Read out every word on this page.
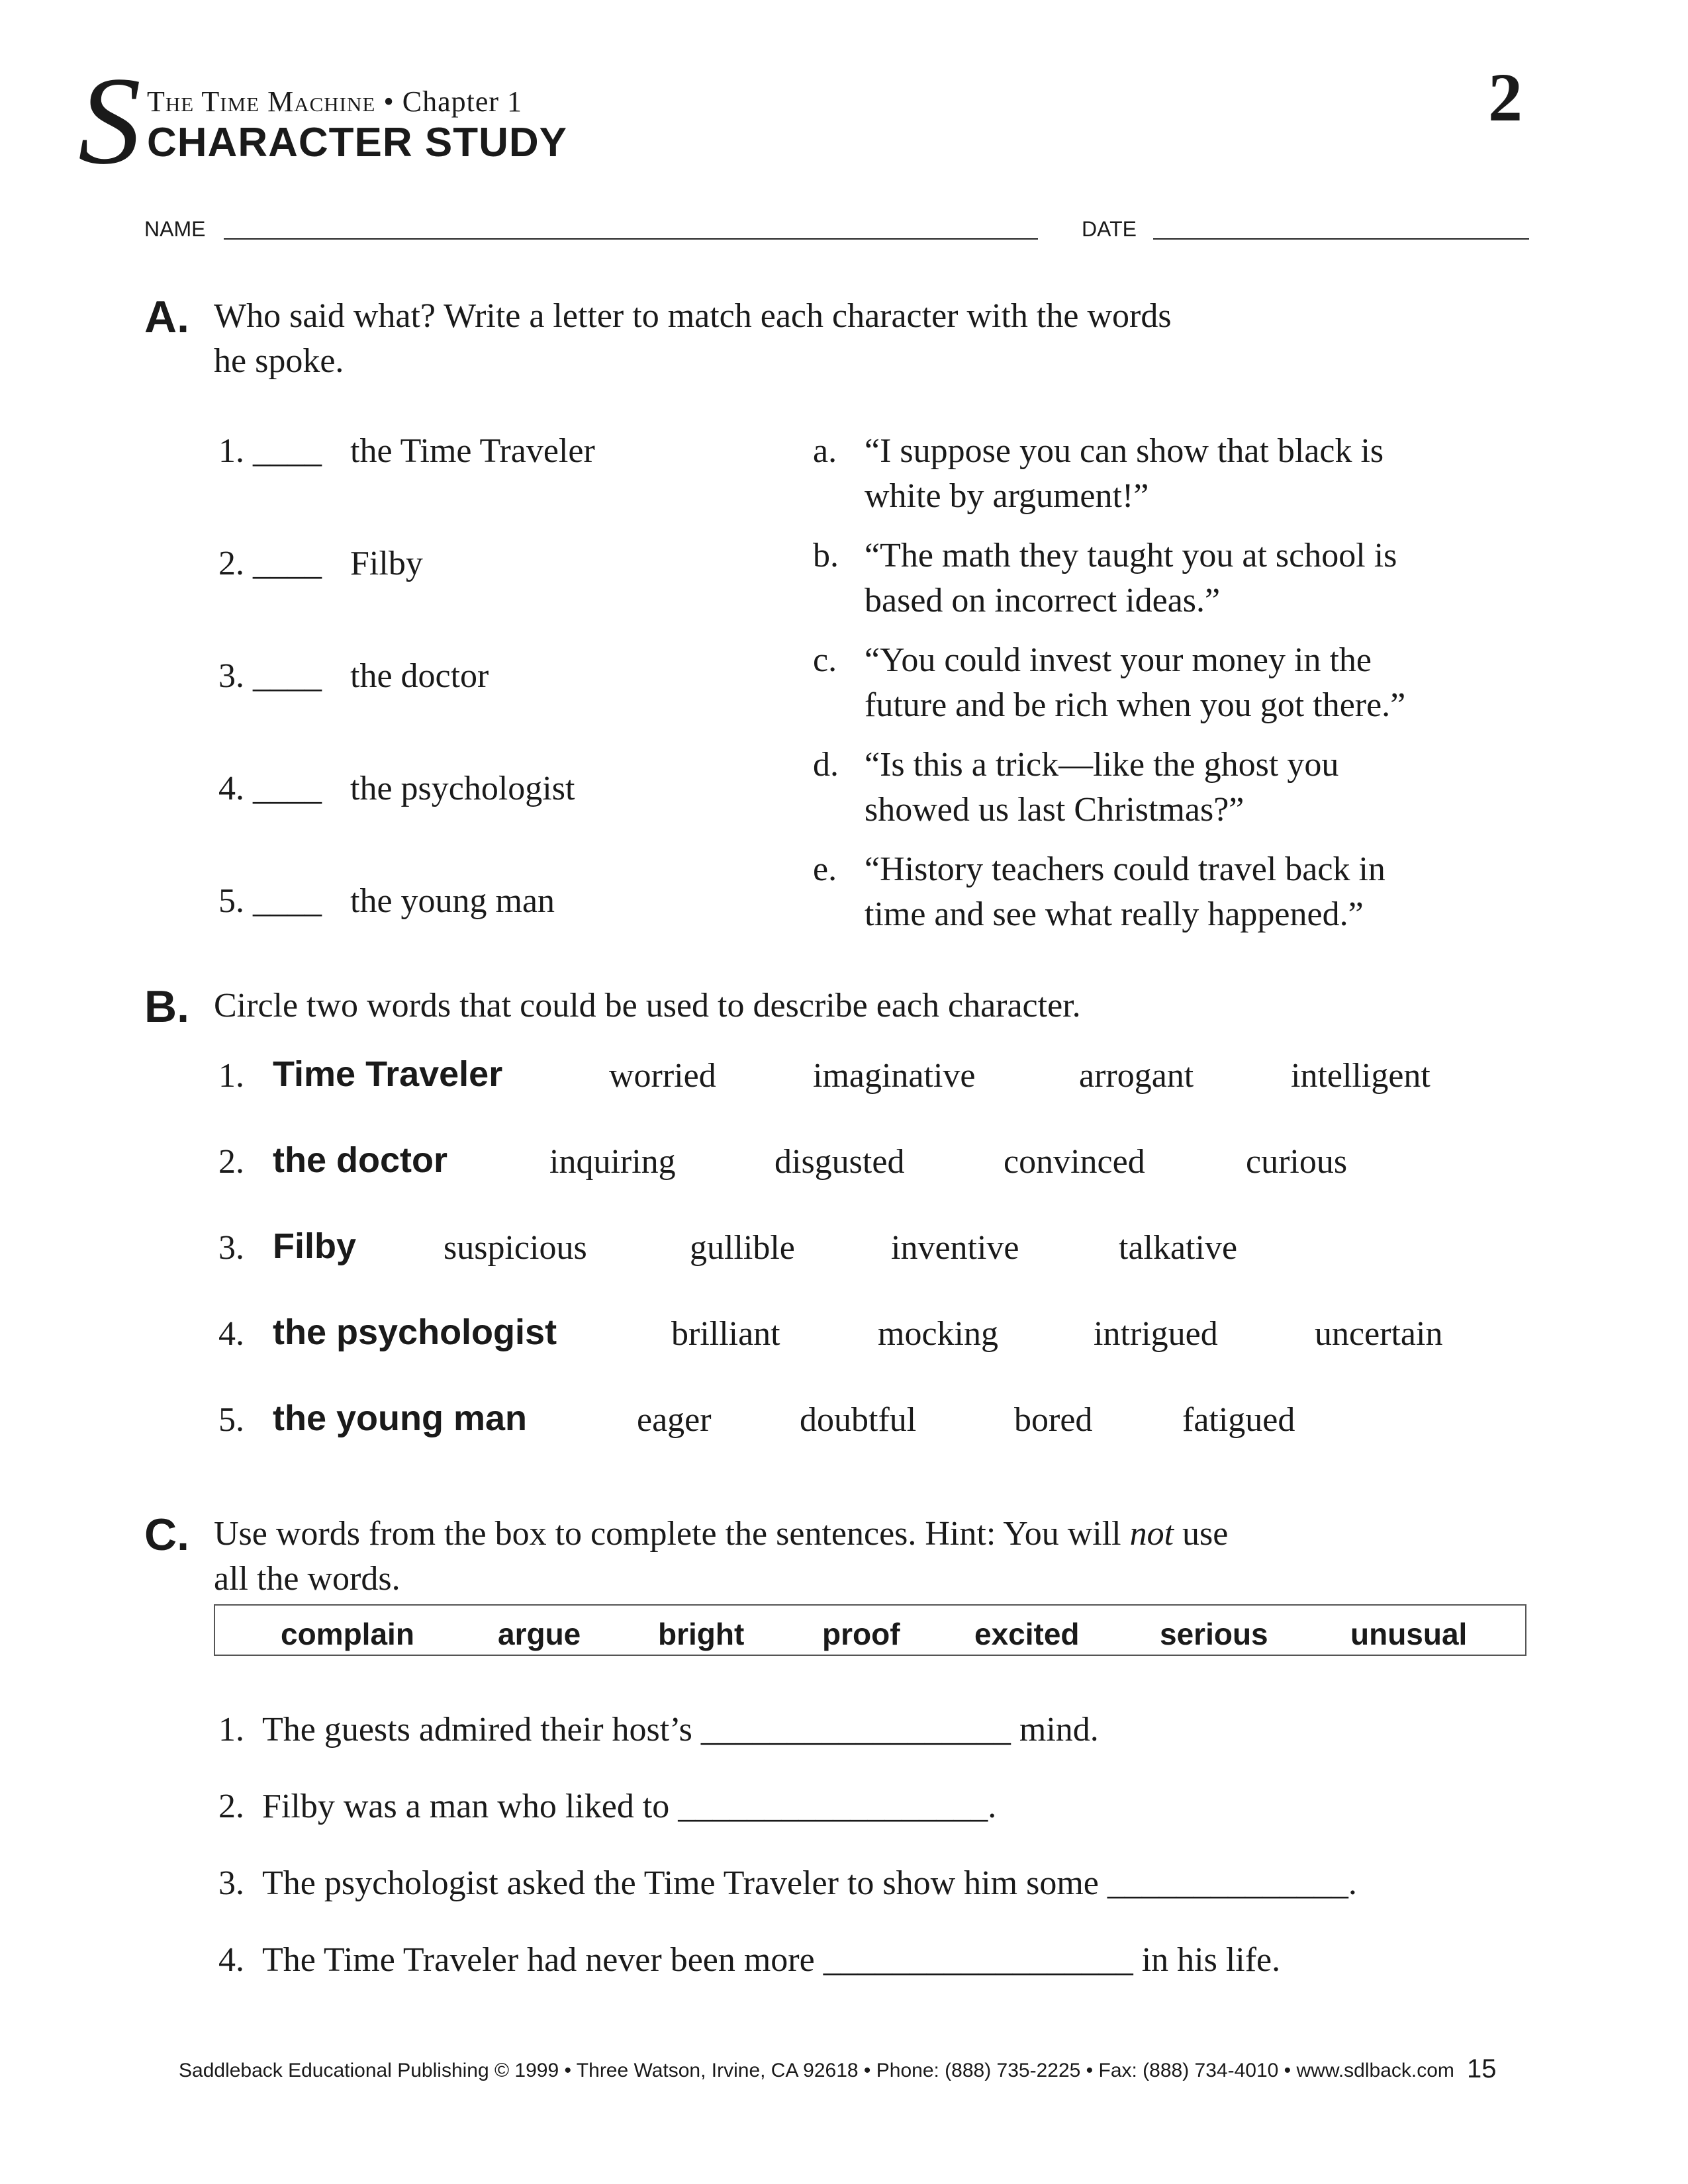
S The Time Machine • Chapter 1
CHARACTER STUDY
2
NAME	DATE
A. Who said what? Write a letter to match each character with the words
he spoke.
1. ____ the Time Traveler
2. ____ Filby
3. ____ the doctor
4. ____ the psychologist
5. ____ the young man
a. “I suppose you can show that black is
white by argument!”
b. “The math they taught you at school is
based on incorrect ideas.”
c. “You could invest your money in the
future and be rich when you got there.”
d. “Is this a trick—like the ghost you
showed us last Christmas?”
e. “History teachers could travel back in
time and see what really happened.”
B. Circle two words that could be used to describe each character.
1. Time Traveler	worried	imaginative	arrogant	intelligent
2. the doctor	inquiring	disgusted	convinced	curious
3. Filby	suspicious	gullible	inventive	talkative
4. the psychologist	brilliant	mocking	intrigued	uncertain
5. the young man	eager	doubtful	bored	fatigued
C. Use words from the box to complete the sentences. Hint: You will not use
all the words.
complain	argue	bright	proof excited	serious	unusual
1. The guests admired their host’s __________________ mind.
2. Filby was a man who liked to __________________.
3. The psychologist asked the Time Traveler to show him some ______________.
4. The Time Traveler had never been more __________________ in his life.
Saddleback Educational Publishing © 1999 • Three Watson, Irvine, CA 92618 • Phone: (888) 735-2225 • Fax: (888) 734-4010 • www.sdlback.com 15
